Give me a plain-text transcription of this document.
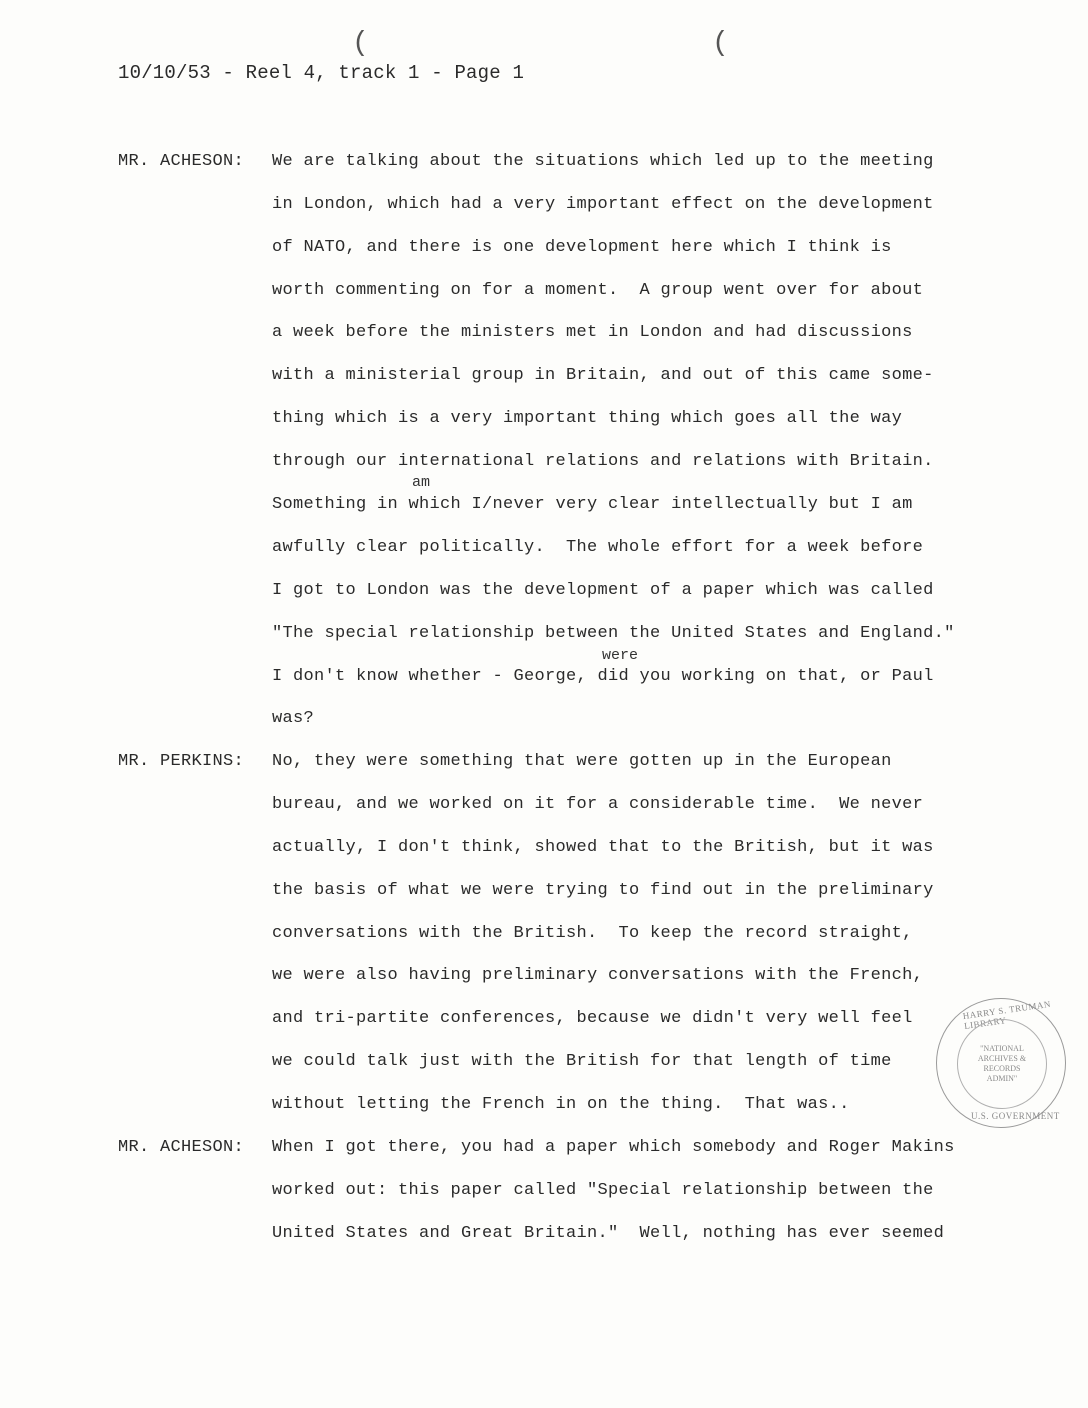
(	(
10/10/53 - Reel 4, track 1 - Page 1
MR. ACHESON:
MR. PERKINS:
MR. ACHESON:
We are talking about the situations which led up to the meeting
in London, which had a very important effect on the development
of NATO, and there is one development here which I think is
worth commenting on for a moment.  A group went over for about
a week before the ministers met in London and had discussions
with a ministerial group in Britain, and out of this came some-
thing which is a very important thing which goes all the way
through our international relations and relations with Britain.
am
Something in which I/never very clear intellectually but I am
awfully clear politically.  The whole effort for a week before
I got to London was the development of a paper which was called
"The special relationship between the United States and England."
were
I don't know whether - George, did you working on that, or Paul
was?
No, they were something that were gotten up in the European
bureau, and we worked on it for a considerable time.  We never
actually, I don't think, showed that to the British, but it was
the basis of what we were trying to find out in the preliminary
conversations with the British.  To keep the record straight,
we were also having preliminary conversations with the French,
and tri-partite conferences, because we didn't very well feel
we could talk just with the British for that length of time
without letting the French in on the thing.  That was..
When I got there, you had a paper which somebody and Roger Makins
worked out: this paper called "Special relationship between the
United States and Great Britain."  Well, nothing has ever seemed
HARRY S. TRUMAN LIBRARY
"NATIONAL
ARCHIVES &
RECORDS
ADMIN"
U.S. GOVERNMENT
